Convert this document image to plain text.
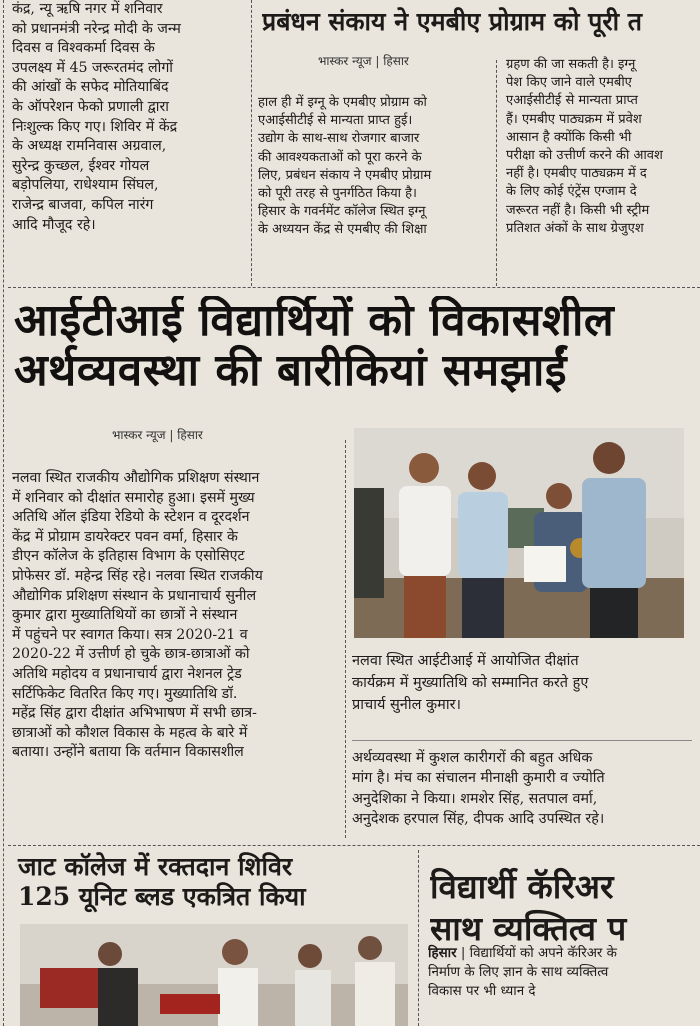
कंद्र, न्यू ऋषि नगर में शनिवार
को प्रधानमंत्री नरेन्द्र मोदी के जन्म
दिवस व विश्वकर्मा दिवस के
उपलक्ष्य में 45 जरूरतमंद लोगों
की आंखों के सफेद मोतियाबिंद
के ऑपरेशन फेको प्रणाली द्वारा
निःशुल्क किए गए। शिविर में केंद्र
के अध्यक्ष रामनिवास अग्रवाल,
सुरेन्द्र कुच्छल, ईश्वर गोयल
बड़ोपलिया, राधेश्याम सिंघल,
राजेन्द्र बाजवा, कपिल नारंग
आदि मौजूद रहे।
प्रबंधन संकाय ने एमबीए प्रोग्राम को पूरी त
भास्कर न्यूज | हिसार
हाल ही में इग्नू के एमबीए प्रोग्राम को
एआईसीटीई से मान्यता प्राप्त हुई।
उद्योग के साथ-साथ रोजगार बाजार
की आवश्यकताओं को पूरा करने के
लिए, प्रबंधन संकाय ने एमबीए प्रोग्राम
को पूरी तरह से पुनर्गठित किया है।
हिसार के गवर्नमेंट कॉलेज स्थित इग्नू
के अध्ययन केंद्र से एमबीए की शिक्षा
ग्रहण की जा सकती है। इग्नू
पेश किए जाने वाले एमबीए
एआईसीटीई से मान्यता प्राप्त
हैं। एमबीए पाठ्यक्रम में प्रवेश
आसान है क्योंकि किसी भी
परीक्षा को उत्तीर्ण करने की आवश
नहीं है। एमबीए पाठ्यक्रम में द
के लिए कोई एंट्रेंस एग्जाम दे
जरूरत नहीं है। किसी भी स्ट्रीम
प्रतिशत अंकों के साथ ग्रेजुएश
आईटीआई विद्यार्थियों को विकासशील
अर्थव्यवस्था की बारीकियां समझाईं
भास्कर न्यूज | हिसार
नलवा स्थित राजकीय औद्योगिक प्रशिक्षण संस्थान
में शनिवार को दीक्षांत समारोह हुआ। इसमें मुख्य
अतिथि ऑल इंडिया रेडियो के स्टेशन व दूरदर्शन
केंद्र में प्रोग्राम डायरेक्टर पवन वर्मा, हिसार के
डीएन कॉलेज के इतिहास विभाग के एसोसिएट
प्रोफेसर डॉ. महेन्द्र सिंह रहे। नलवा स्थित राजकीय
औद्योगिक प्रशिक्षण संस्थान के प्रधानाचार्य सुनील
कुमार द्वारा मुख्यातिथियों का छात्रों ने संस्थान
में पहुंचने पर स्वागत किया। सत्र 2020-21 व
2020-22 में उत्तीर्ण हो चुके छात्र-छात्राओं को
अतिथि महोदय व प्रधानाचार्य द्वारा नेशनल ट्रेड
सर्टिफिकेट वितरित किए गए। मुख्यातिथि डॉ.
महेंद्र सिंह द्वारा दीक्षांत अभिभाषण में सभी छात्र-
छात्राओं को कौशल विकास के महत्व के बारे में
बताया। उन्होंने बताया कि वर्तमान विकासशील
नलवा स्थित आईटीआई में आयोजित दीक्षांत
कार्यक्रम में मुख्यातिथि को सम्मानित करते हुए
प्राचार्य सुनील कुमार।
अर्थव्यवस्था में कुशल कारीगरों की बहुत अधिक
मांग है। मंच का संचालन मीनाक्षी कुमारी व ज्योति
अनुदेशिका ने किया। शमशेर सिंह, सतपाल वर्मा,
अनुदेशक हरपाल सिंह, दीपक आदि उपस्थित रहे।
जाट कॉलेज में रक्तदान शिविर
125 यूनिट ब्लड एकत्रित किया	विद्यार्थी कॅरिअर
साथ व्यक्तित्व प
हिसार | विद्यार्थियों को अपने कॅरिअर के
निर्माण के लिए ज्ञान के साथ व्यक्तित्व
विकास पर भी ध्यान दे
